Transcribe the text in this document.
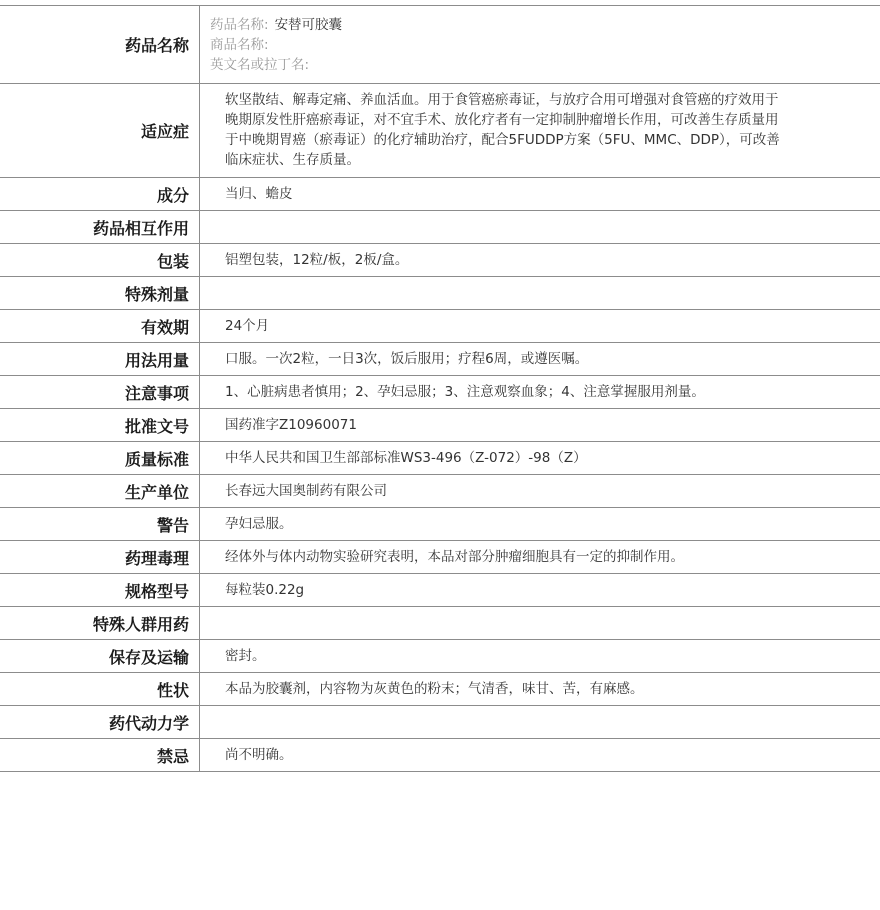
药品名称	药品名称: 安替可胶囊
商品名称:
英文名或拉丁名:

适应症	软坚散结、解毒定痛、养血活血。用于食管癌瘀毒证，与放疗合用可增强对食管癌的疗效用于晚期原发性肝癌瘀毒证，对不宜手术、放化疗者有一定抑制肿瘤增长作用，可改善生存质量用于中晚期胃癌（瘀毒证）的化疗辅助治疗，配合5FUDDP方案（5FU、MMC、DDP），可改善临床症状、生存质量。
成分	当归、蟾皮
药品相互作用	
包装	铝塑包装，12粒/板，2板/盒。
特殊剂量	
有效期	24个月
用法用量	口服。一次2粒，一日3次，饭后服用；疗程6周，或遵医嘱。
注意事项	1、心脏病患者慎用；2、孕妇忌服；3、注意观察血象；4、注意掌握服用剂量。
批准文号	国药准字Z10960071
质量标准	中华人民共和国卫生部部标准WS3-496（Z-072）-98（Z）
生产单位	长春远大国奥制药有限公司
警告	孕妇忌服。
药理毒理	经体外与体内动物实验研究表明，本品对部分肿瘤细胞具有一定的抑制作用。
规格型号	每粒装0.22g
特殊人群用药	
保存及运输	密封。
性状	本品为胶囊剂，内容物为灰黄色的粉末；气清香，味甘、苦，有麻感。
药代动力学	
禁忌	尚不明确。
